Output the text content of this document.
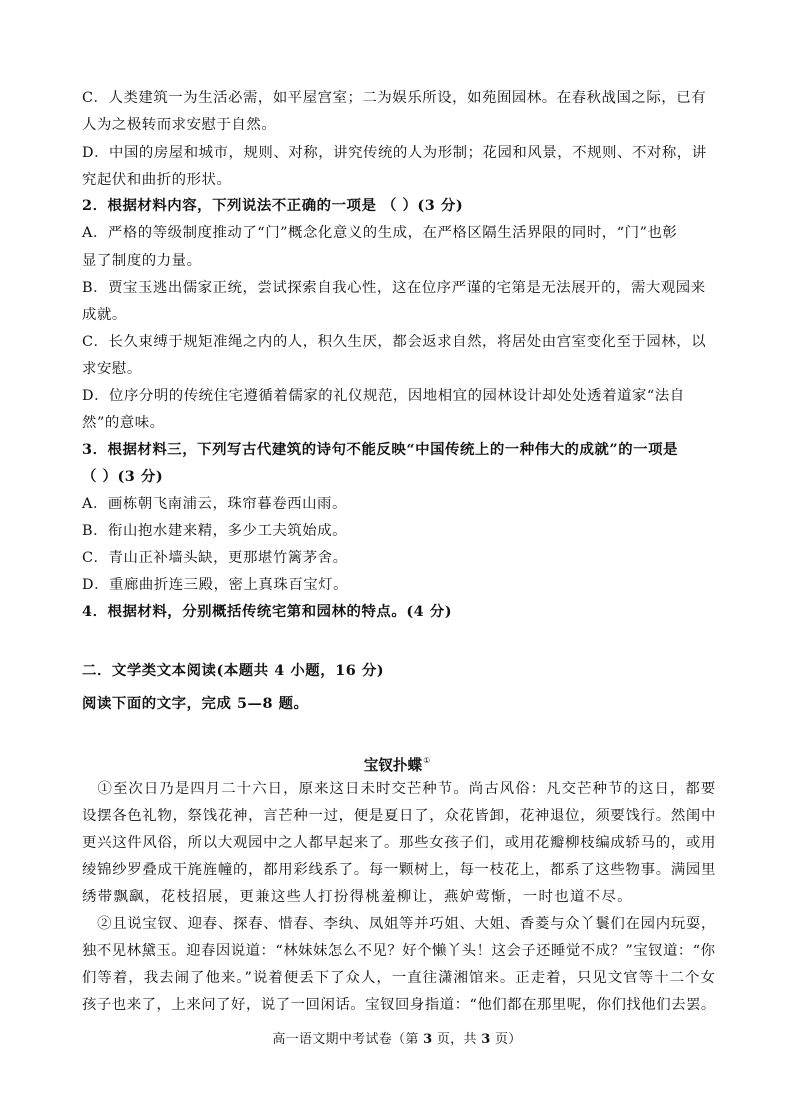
C．人类建筑一为生活必需，如平屋宫室；二为娱乐所设，如苑囿园林。在春秋战国之际，已有
人为之极转而求安慰于自然。
D．中国的房屋和城市，规则、对称，讲究传统的人为形制；花园和风景，不规则、不对称，讲
究起伏和曲折的形状。
2．根据材料内容，下列说法不正确的一项是 （ ）(3 分)
A．严格的等级制度推动了“门”概念化意义的生成，在严格区隔生活界限的同时，“门”也彰
显了制度的力量。
B．贾宝玉逃出儒家正统，尝试探索自我心性，这在位序严谨的宅第是无法展开的，需大观园来
成就。
C．长久束缚于规矩准绳之内的人，积久生厌，都会返求自然，将居处由宫室变化至于园林，以
求安慰。
D．位序分明的传统住宅遵循着儒家的礼仪规范，因地相宜的园林设计却处处透着道家“法自
然”的意味。
3．根据材料三，下列写古代建筑的诗句不能反映“中国传统上的一种伟大的成就”的一项是
（ ）(3 分)
A．画栋朝飞南浦云，珠帘暮卷西山雨。
B．衔山抱水建来精，多少工夫筑始成。
C．青山正补墙头缺，更那堪竹篱茅舍。
D．重廊曲折连三殿，密上真珠百宝灯。
4．根据材料，分别概括传统宅第和园林的特点。(4 分)
二．文学类文本阅读(本题共 4 小题，16 分)
阅读下面的文字，完成 5—8 题。
宝钗扑蝶①
　①至次日乃是四月二十六日，原来这日未时交芒种节。尚古风俗：凡交芒种节的这日，都要
设摆各色礼物，祭饯花神，言芒种一过，便是夏日了，众花皆卸，花神退位，须要饯行。然闺中
更兴这件风俗，所以大观园中之人都早起来了。那些女孩子们，或用花瓣柳枝编成轿马的，或用
绫锦纱罗叠成干旄旌幢的，都用彩线系了。每一颗树上，每一枝花上，都系了这些物事。满园里
绣带飘飖，花枝招展，更兼这些人打扮得桃羞柳让，燕妒莺惭，一时也道不尽。
　②且说宝钗、迎春、探春、惜春、李纨、凤姐等并巧姐、大姐、香菱与众丫鬟们在园内玩耍，
独不见林黛玉。迎春因说道：“林妹妹怎么不见？好个懒丫头！这会子还睡觉不成？”宝钗道：“你
们等着，我去闹了他来。”说着便丢下了众人，一直往潇湘馆来。正走着，只见文官等十二个女
高一语文期中考试卷（第 3 页，共 3 页）
孩子也来了，上来问了好，说了一回闲话。宝钗回身指道：“他们都在那里呢，你们找他们去罢。
